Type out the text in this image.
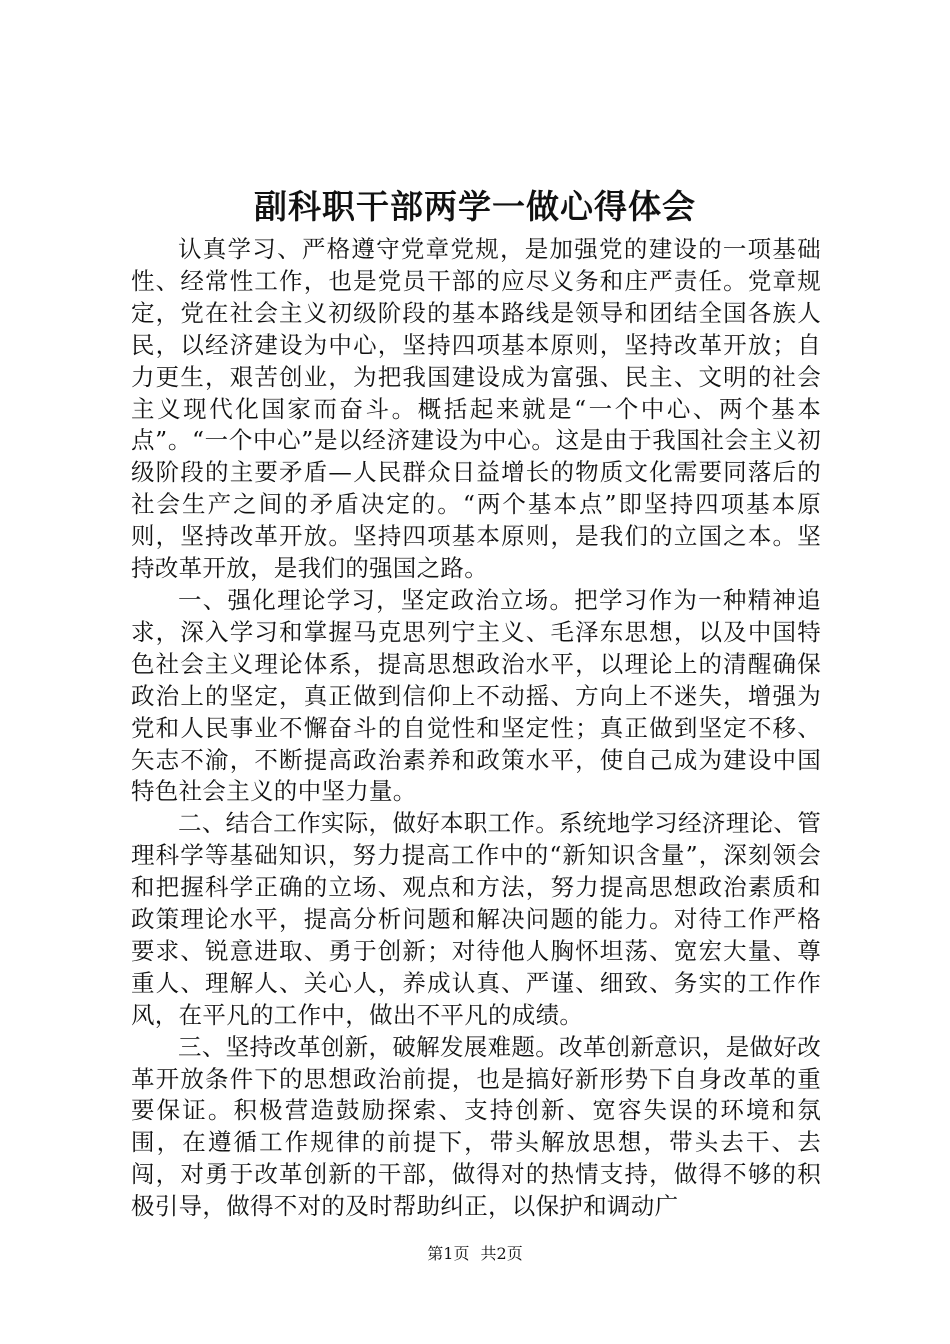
副科职干部两学一做心得体会

认真学习、严格遵守党章党规，是加强党的建设的一项基础性、经常性工作，也是党员干部的应尽义务和庄严责任。党章规定，党在社会主义初级阶段的基本路线是领导和团结全国各族人民，以经济建设为中心，坚持四项基本原则，坚持改革开放；自力更生，艰苦创业，为把我国建设成为富强、民主、文明的社会主义现代化国家而奋斗。概括起来就是“一个中心、两个基本点”。“一个中心”是以经济建设为中心。这是由于我国社会主义初级阶段的主要矛盾—人民群众日益增长的物质文化需要同落后的社会生产之间的矛盾决定的。“两个基本点”即坚持四项基本原则，坚持改革开放。坚持四项基本原则，是我们的立国之本。坚持改革开放，是我们的强国之路。

一、强化理论学习，坚定政治立场。把学习作为一种精神追求，深入学习和掌握马克思列宁主义、毛泽东思想，以及中国特色社会主义理论体系，提高思想政治水平，以理论上的清醒确保政治上的坚定，真正做到信仰上不动摇、方向上不迷失，增强为党和人民事业不懈奋斗的自觉性和坚定性；真正做到坚定不移、矢志不渝，不断提高政治素养和政策水平，使自己成为建设中国特色社会主义的中坚力量。

二、结合工作实际，做好本职工作。系统地学习经济理论、管理科学等基础知识，努力提高工作中的“新知识含量”，深刻领会和把握科学正确的立场、观点和方法，努力提高思想政治素质和政策理论水平，提高分析问题和解决问题的能力。对待工作严格要求、锐意进取、勇于创新；对待他人胸怀坦荡、宽宏大量、尊重人、理解人、关心人，养成认真、严谨、细致、务实的工作作风，在平凡的工作中，做出不平凡的成绩。

三、坚持改革创新，破解发展难题。改革创新意识，是做好改革开放条件下的思想政治前提，也是搞好新形势下自身改革的重要保证。积极营造鼓励探索、支持创新、宽容失误的环境和氛围，在遵循工作规律的前提下，带头解放思想，带头去干、去闯，对勇于改革创新的干部，做得对的热情支持，做得不够的积极引导，做得不对的及时帮助纠正，以保护和调动广

第1页 共2页
